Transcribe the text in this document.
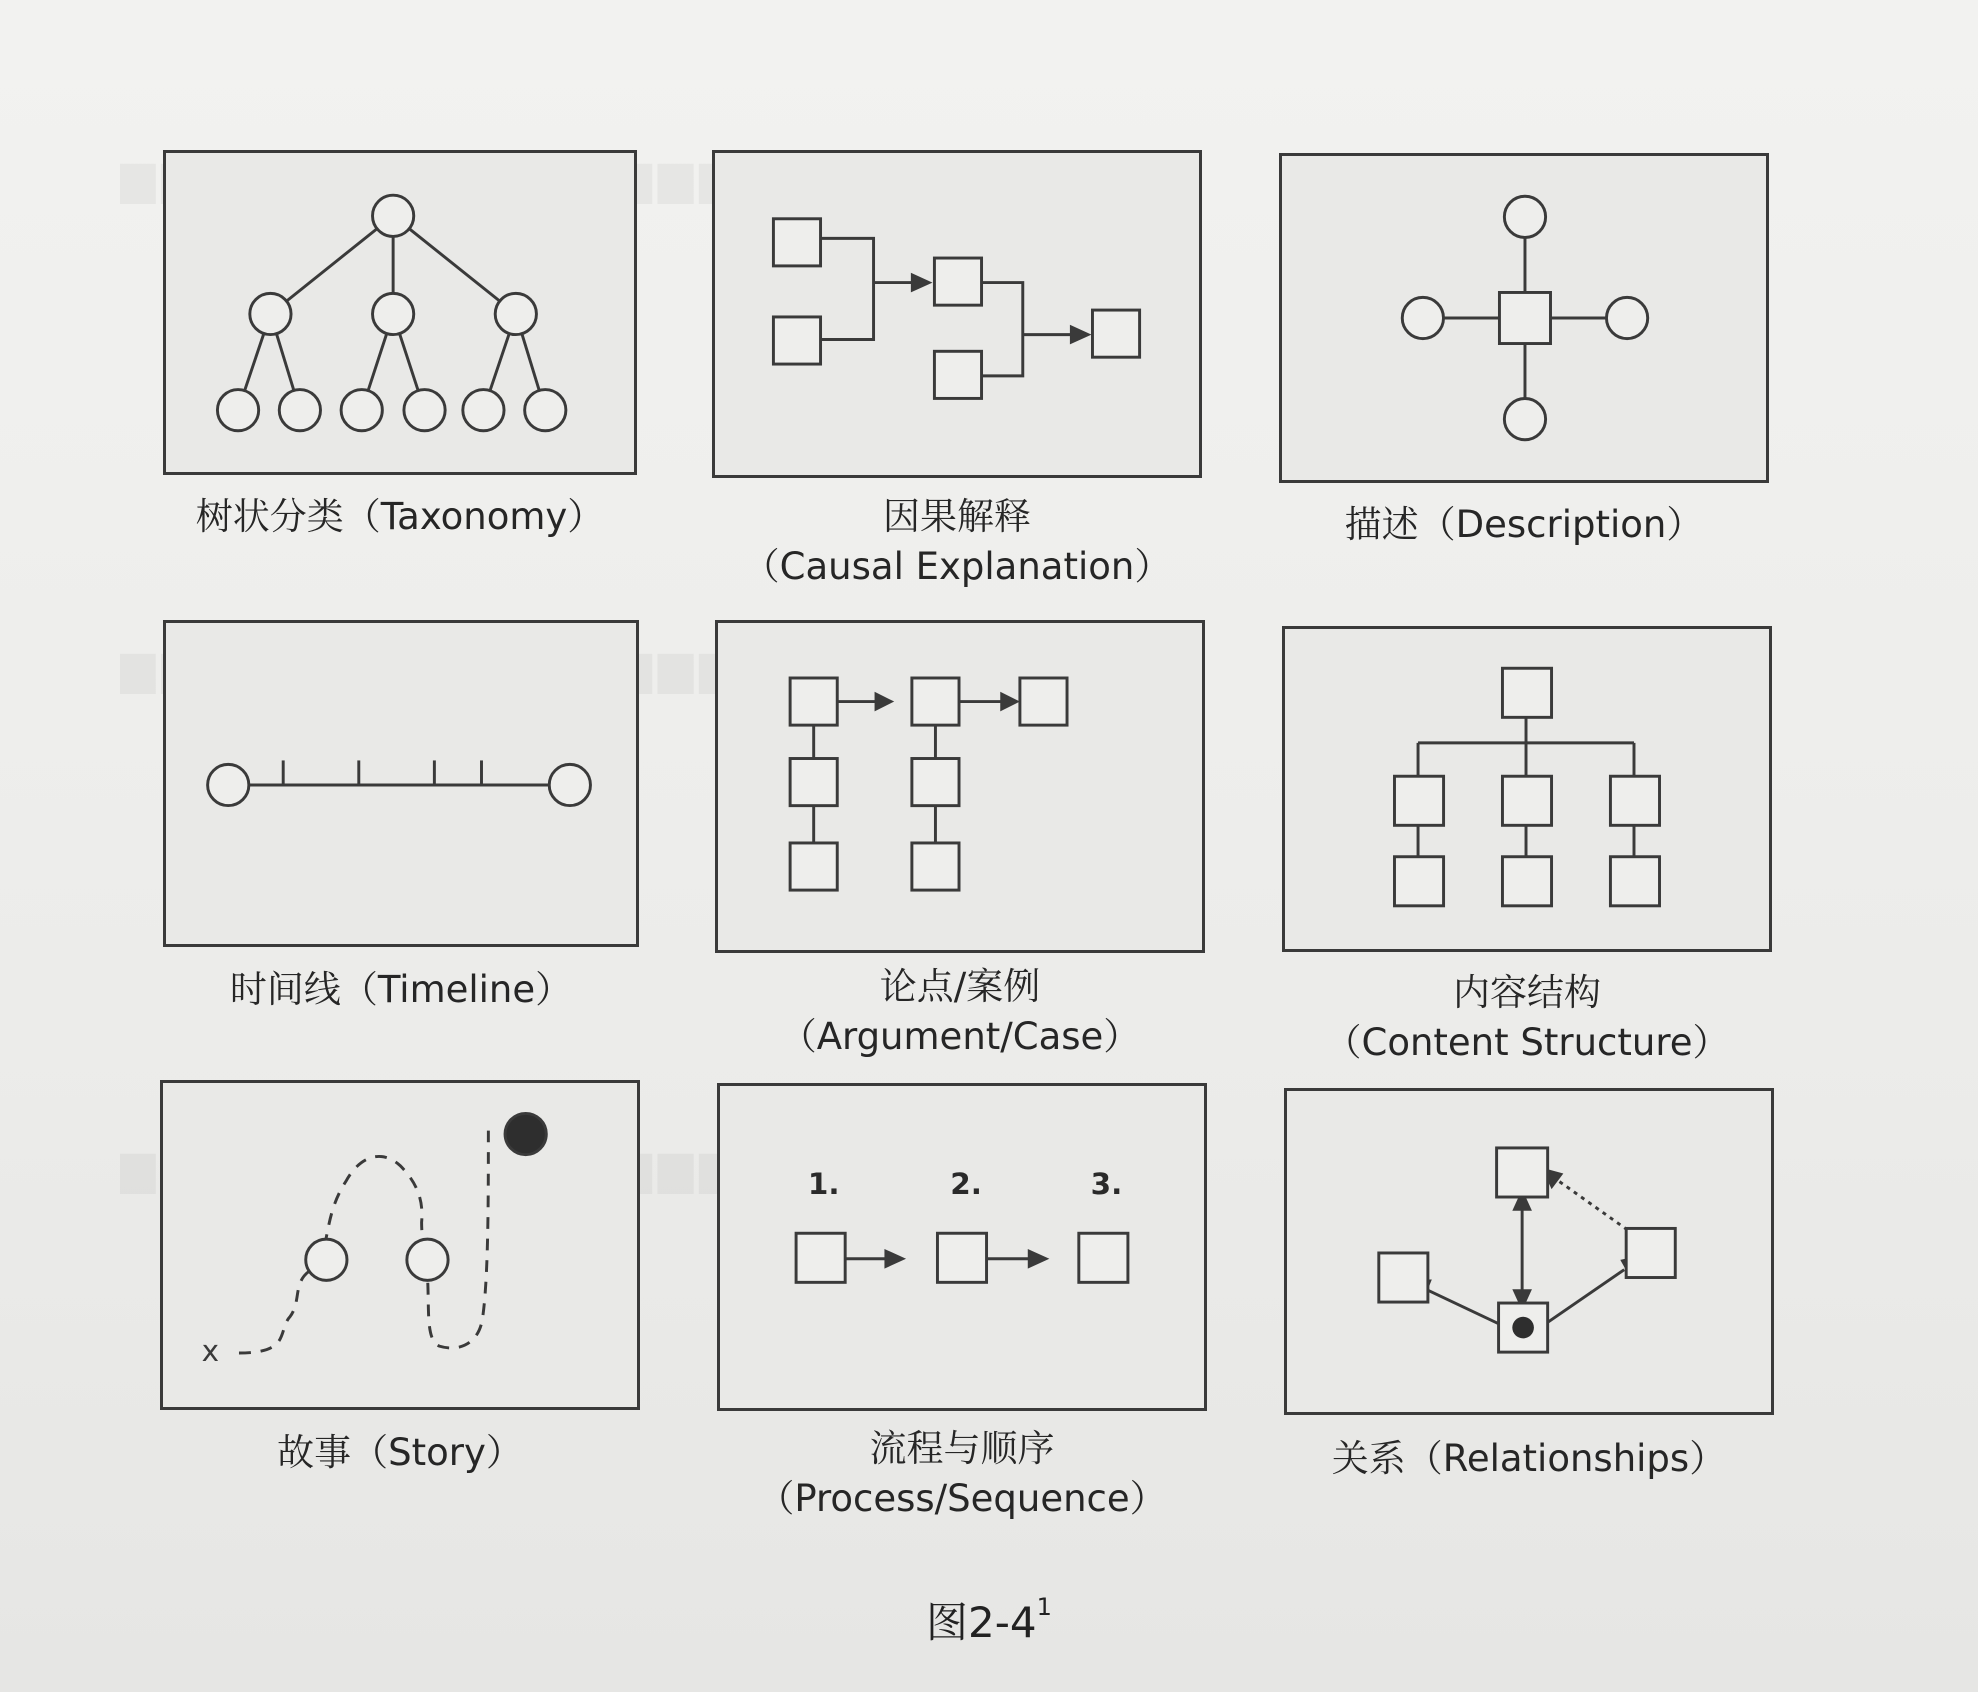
树状分类（Taxonomy）	因果解释
（Causal Explanation）
描述（Description）
时间线（Timeline）	论点/案例
（Argument/Case）
内容结构
（Content Structure）
x
故事（Story）
1.	2.	3.
流程与顺序
（Process/Sequence）
关系（Relationships）
图$2-4^1$
